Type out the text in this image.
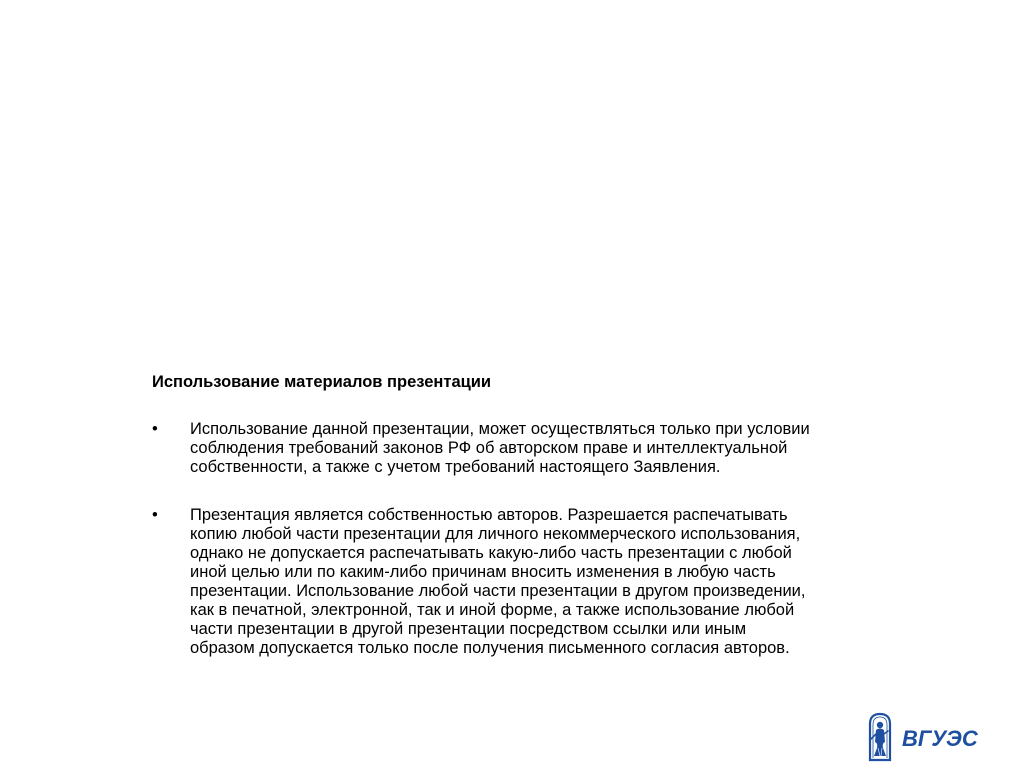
Использование материалов презентации
•	Использование данной презентации, может осуществляться только при условии
соблюдения требований законов РФ об авторском праве и интеллектуальной
собственности, а также с учетом требований настоящего Заявления.
•	Презентация является собственностью авторов. Разрешается распечатывать
копию любой части презентации для личного некоммерческого использования,
однако не допускается распечатывать какую-либо часть презентации с любой
иной целью или по каким-либо причинам вносить изменения в любую часть
презентации. Использование любой части презентации в другом произведении,
как в печатной, электронной, так и иной форме, а также использование любой
части презентации в другой презентации посредством ссылки или иным
образом допускается только после получения письменного согласия авторов.
ВГУЭС
